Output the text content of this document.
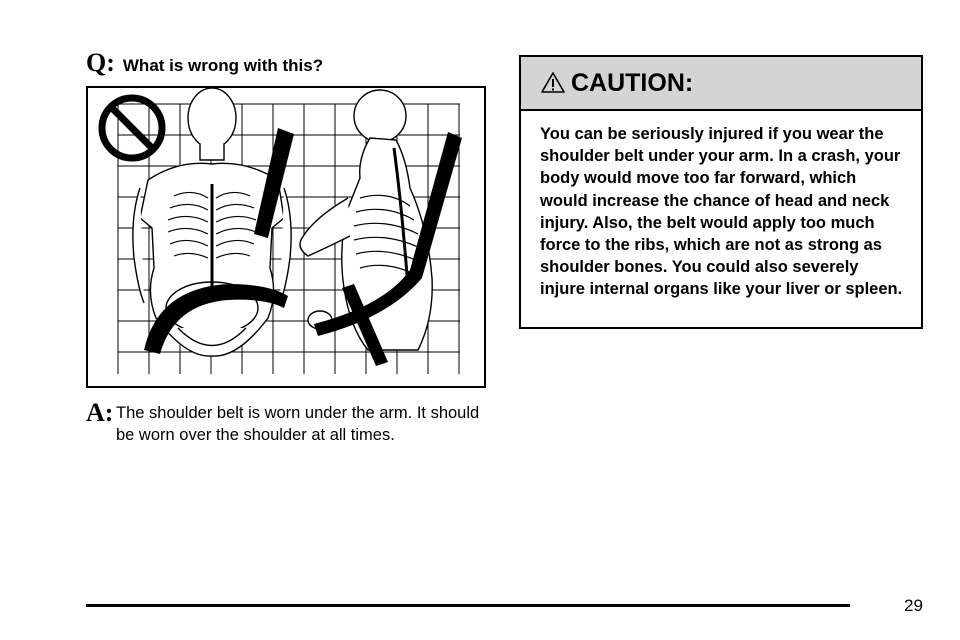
Q: What is wrong with this?
A: The shoulder belt is worn under the arm. It should be worn over the shoulder at all times.
CAUTION:
You can be seriously injured if you wear the shoulder belt under your arm. In a crash, your body would move too far forward, which would increase the chance of head and neck injury. Also, the belt would apply too much force to the ribs, which are not as strong as shoulder bones. You could also severely injure internal organs like your liver or spleen.
29
